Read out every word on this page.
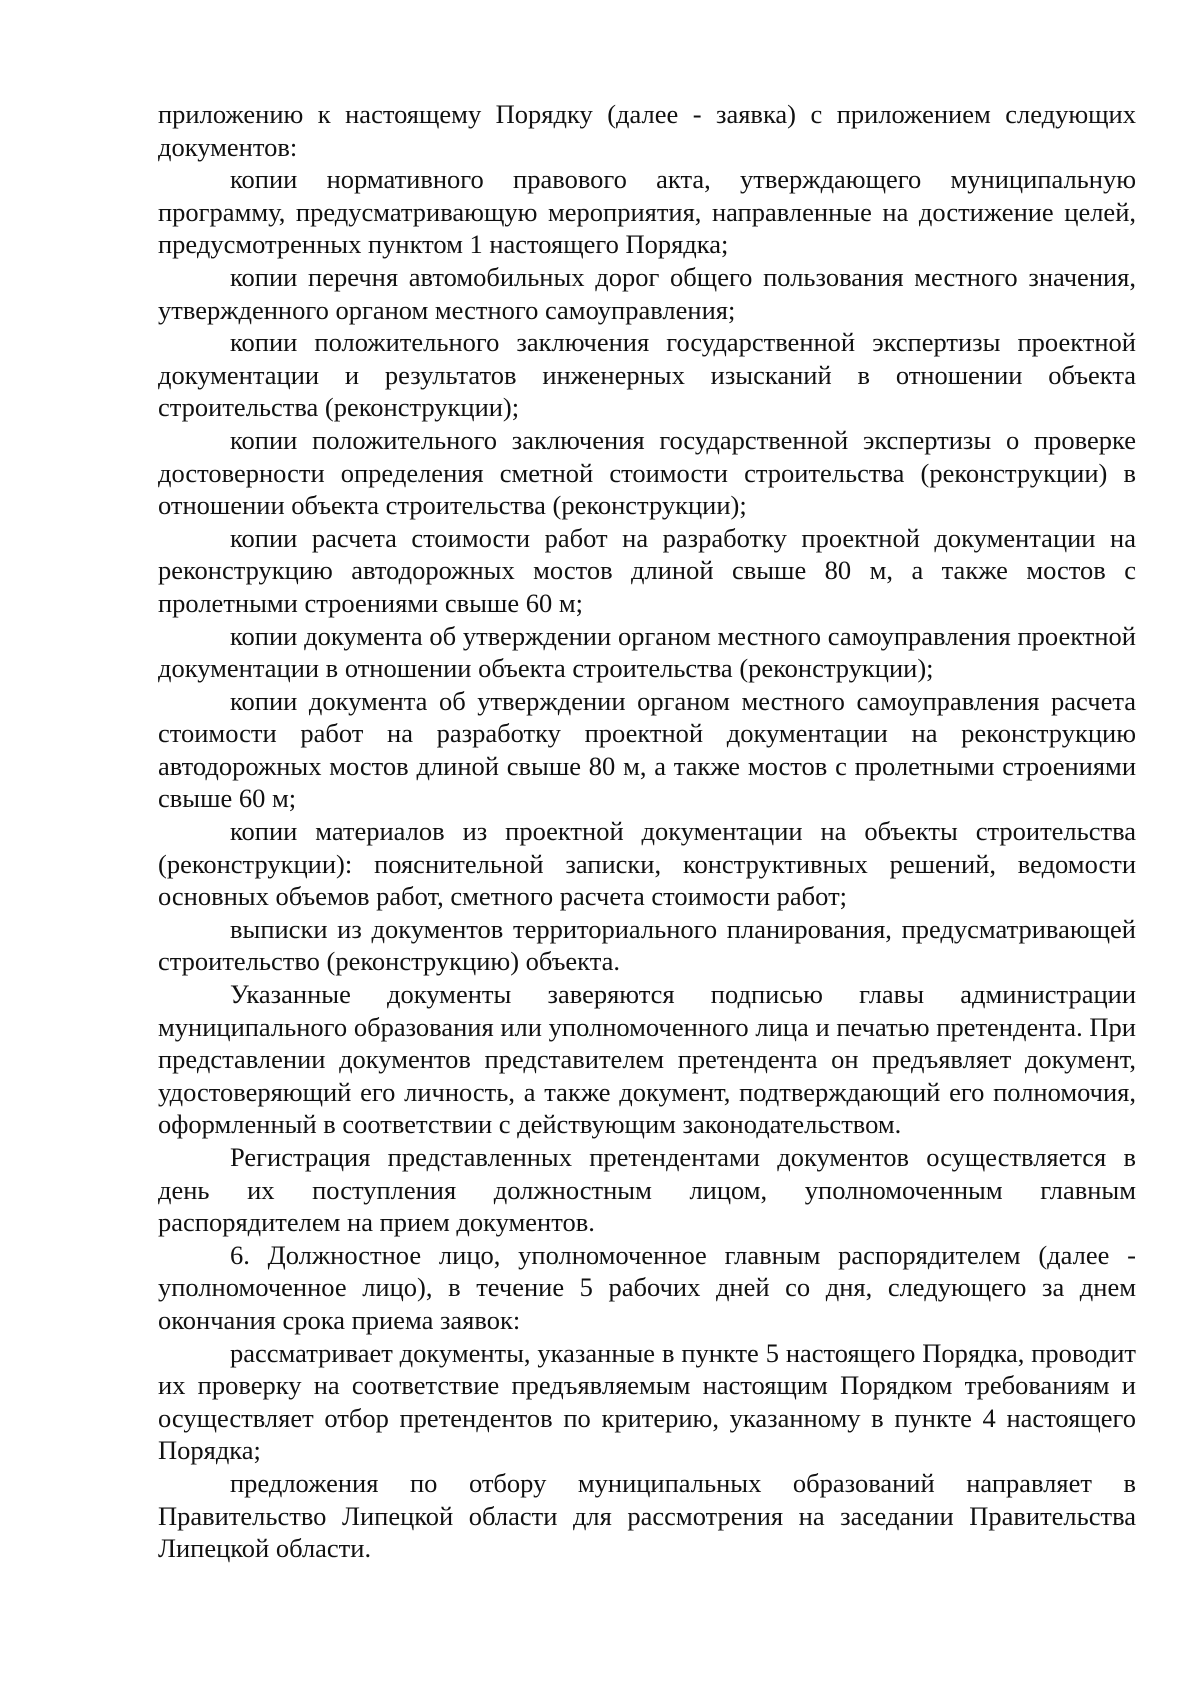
приложению к настоящему Порядку (далее - заявка) с приложением следующих документов:

копии нормативного правового акта, утверждающего муниципальную программу, предусматривающую мероприятия, направленные на достижение целей, предусмотренных пунктом 1 настоящего Порядка;

копии перечня автомобильных дорог общего пользования местного значения, утвержденного органом местного самоуправления;

копии положительного заключения государственной экспертизы проектной документации и результатов инженерных изысканий в отношении объекта строительства (реконструкции);

копии положительного заключения государственной экспертизы о проверке достоверности определения сметной стоимости строительства (реконструкции) в отношении объекта строительства (реконструкции);

копии расчета стоимости работ на разработку проектной документации на реконструкцию автодорожных мостов длиной свыше 80 м, а также мостов с пролетными строениями свыше 60 м;

копии документа об утверждении органом местного самоуправления проектной документации в отношении объекта строительства (реконструкции);

копии документа об утверждении органом местного самоуправления расчета стоимости работ на разработку проектной документации на реконструкцию автодорожных мостов длиной свыше 80 м, а также мостов с пролетными строениями свыше 60 м;

копии материалов из проектной документации на объекты строительства (реконструкции): пояснительной записки, конструктивных решений, ведомости основных объемов работ, сметного расчета стоимости работ;

выписки из документов территориального планирования, предусматривающей строительство (реконструкцию) объекта.

Указанные документы заверяются подписью главы администрации муниципального образования или уполномоченного лица и печатью претендента. При представлении документов представителем претендента он предъявляет документ, удостоверяющий его личность, а также документ, подтверждающий его полномочия, оформленный в соответствии с действующим законодательством.

Регистрация представленных претендентами документов осуществляется в день их поступления должностным лицом, уполномоченным главным распорядителем на прием документов.

6. Должностное лицо, уполномоченное главным распорядителем (далее - уполномоченное лицо), в течение 5 рабочих дней со дня, следующего за днем окончания срока приема заявок:

рассматривает документы, указанные в пункте 5 настоящего Порядка, проводит их проверку на соответствие предъявляемым настоящим Порядком требованиям и осуществляет отбор претендентов по критерию, указанному в пункте 4 настоящего Порядка;

предложения по отбору муниципальных образований направляет в Правительство Липецкой области для рассмотрения на заседании Правительства Липецкой области.
